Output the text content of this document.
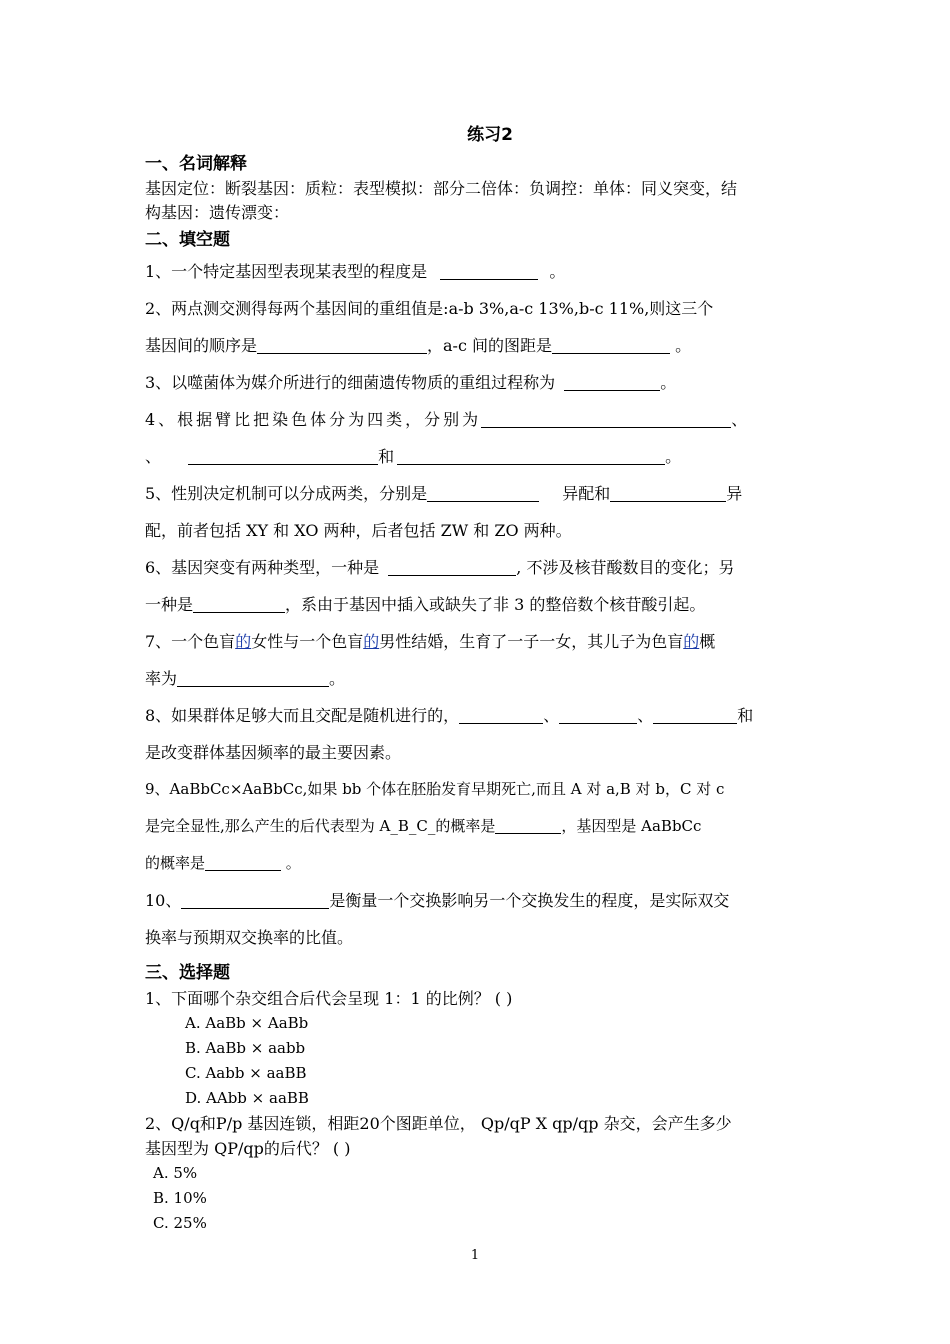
练习2

一、名词解释

基因定位：断裂基因：质粒：表型模拟：部分二倍体：负调控：单体：同义突变，结
构基因：遗传漂变：

二、填空题

1、一个特定基因型表现某表型的程度是	。

2、两点测交测得每两个基因间的重组值是:a-b 3%,a-c 13%,b-c 11%,则这三个
基因间的顺序是	，a-c 间的图距是	。

3、以噬菌体为媒介所进行的细菌遗传物质的重组过程称为	。

4、根据臂比把染色体分为四类，分别为	、
、	和	。

5、性别决定机制可以分成两类，分别是	异配和	异
配，前者包括 XY 和 XO 两种，后者包括 ZW 和 ZO 两种。

6、基因突变有两种类型，一种是	, 不涉及核苷酸数目的变化；另
一种是	，系由于基因中插入或缺失了非 3 的整倍数个核苷酸引起。

7、一个色盲的女性与一个色盲的男性结婚，生育了一子一女，其儿子为色盲的概
率为	。

8、如果群体足够大而且交配是随机进行的，	、	、	和
是改变群体基因频率的最主要因素。

9、AaBbCc×AaBbCc,如果 bb 个体在胚胎发育早期死亡,而且 A 对 a,B 对 b，C 对 c
是完全显性,那么产生的后代表型为 A_B_C_的概率是	，基因型是 AaBbCc
的概率是	。

10、	是衡量一个交换影响另一个交换发生的程度，是实际双交
换率与预期双交换率的比值。

三、选择题

1、下面哪个杂交组合后代会呈现 1：1 的比例？ ( )

A. AaBb × AaBb

B. AaBb × aabb

C. Aabb × aaBB

D. AAbb × aaBB

2、Q/q和P/p 基因连锁，相距20个图距单位， Qp/qP X qp/qp 杂交，会产生多少
基因型为 QP/qp的后代？ ( )

A. 5%

B. 10%

C. 25%

1
